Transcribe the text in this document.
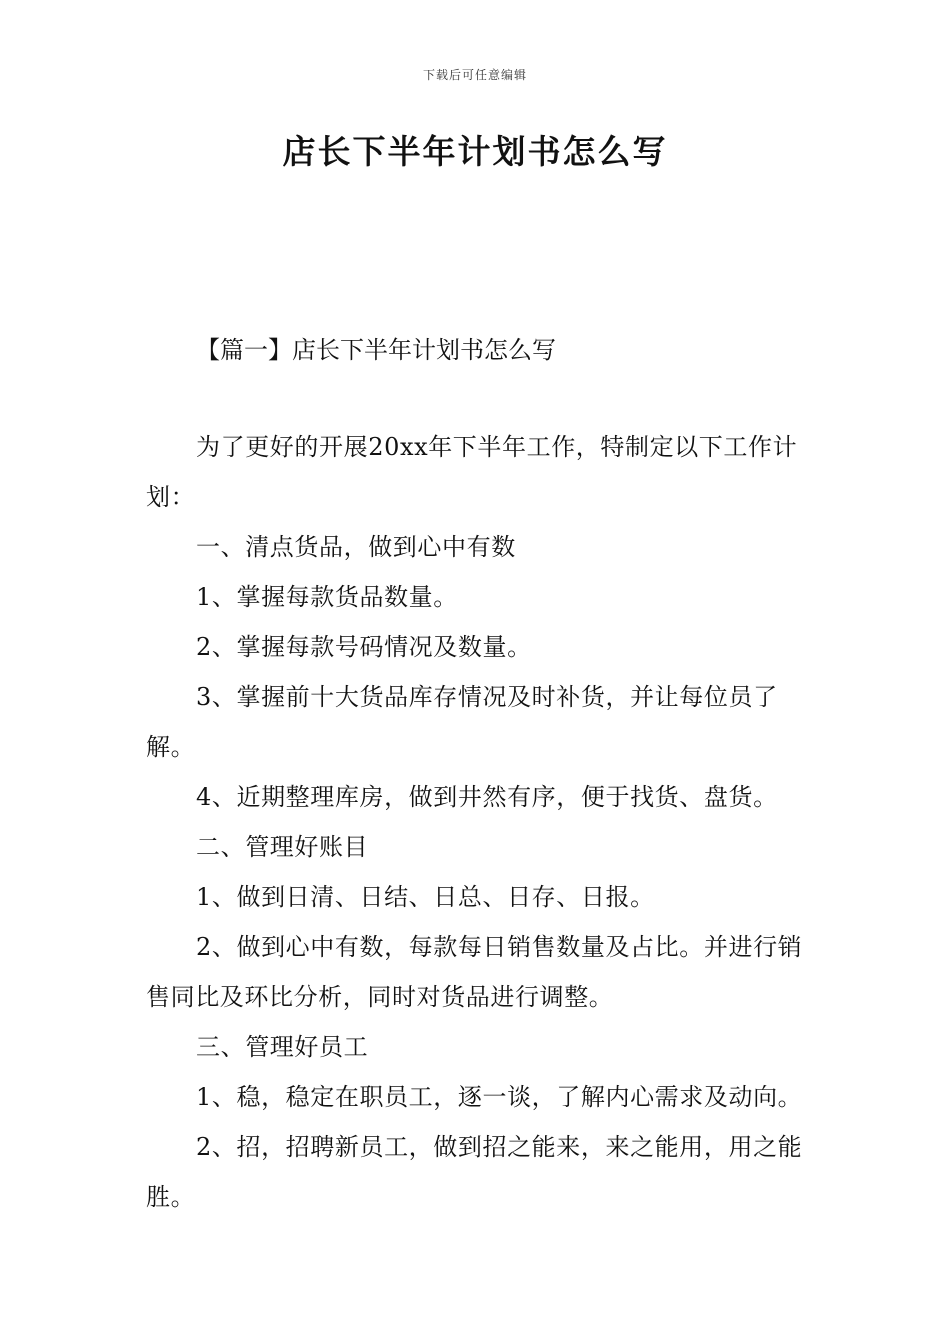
下载后可任意编辑
店长下半年计划书怎么写
【篇一】店长下半年计划书怎么写

为了更好的开展20xx年下半年工作，特制定以下工作计划：

一、清点货品，做到心中有数

1、掌握每款货品数量。

2、掌握每款号码情况及数量。

3、掌握前十大货品库存情况及时补货，并让每位员了解。

4、近期整理库房，做到井然有序，便于找货、盘货。

二、管理好账目

1、做到日清、日结、日总、日存、日报。

2、做到心中有数，每款每日销售数量及占比。并进行销售同比及环比分析，同时对货品进行调整。

三、管理好员工

1、稳，稳定在职员工，逐一谈，了解内心需求及动向。

2、招，招聘新员工，做到招之能来，来之能用，用之能胜。
